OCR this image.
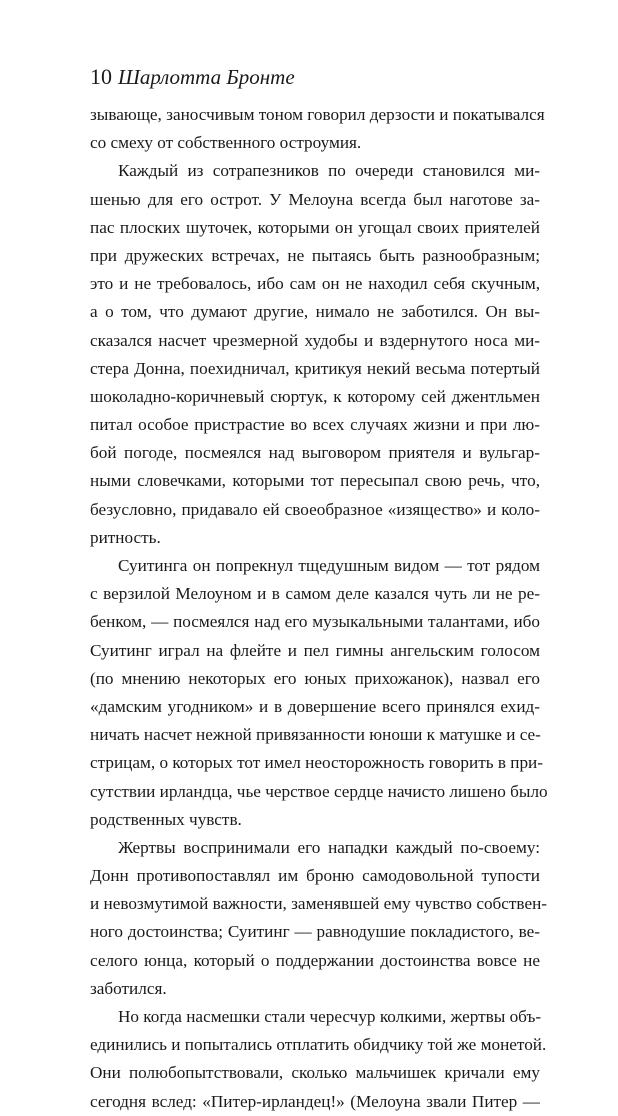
10 Шарлотта Бронте
зывающе, заносчивым тоном говорил дерзости и покатывался
со смеху от собственного остроумия.
Каждый из сотрапезников по очереди становился ми-
шенью для его острот. У Мелоуна всегда был наготове за-
пас плоских шуточек, которыми он угощал своих приятелей
при дружеских встречах, не пытаясь быть разнообразным;
это и не требовалось, ибо сам он не находил себя скучным,
а о том, что думают другие, нимало не заботился. Он вы-
сказался насчет чрезмерной худобы и вздернутого носа ми-
стера Донна, поехидничал, критикуя некий весьма потертый
шоколадно-коричневый сюртук, к которому сей джентльмен
питал особое пристрастие во всех случаях жизни и при лю-
бой погоде, посмеялся над выговором приятеля и вульгар-
ными словечками, которыми тот пересыпал свою речь, что,
безусловно, придавало ей своеобразное «изящество» и коло-
ритность.
Суитинга он попрекнул тщедушным видом — тот рядом
с верзилой Мелоуном и в самом деле казался чуть ли не ре-
бенком, — посмеялся над его музыкальными талантами, ибо
Суитинг играл на флейте и пел гимны ангельским голосом
(по мнению некоторых его юных прихожанок), назвал его
«дамским угодником» и в довершение всего принялся ехид-
ничать насчет нежной привязанности юноши к матушке и се-
стрицам, о которых тот имел неосторожность говорить в при-
сутствии ирландца, чье черствое сердце начисто лишено было
родственных чувств.
Жертвы воспринимали его нападки каждый по-своему:
Донн противопоставлял им броню самодовольной тупости
и невозмутимой важности, заменявшей ему чувство собствен-
ного достоинства; Суитинг — равнодушие покладистого, ве-
селого юнца, который о поддержании достоинства вовсе не
заботился.
Но когда насмешки стали чересчур колкими, жертвы объ-
единились и попытались отплатить обидчику той же монетой.
Они полюбопытствовали, сколько мальчишек кричали ему
сегодня вслед: «Питер-ирландец!» (Мелоуна звали Питер —
